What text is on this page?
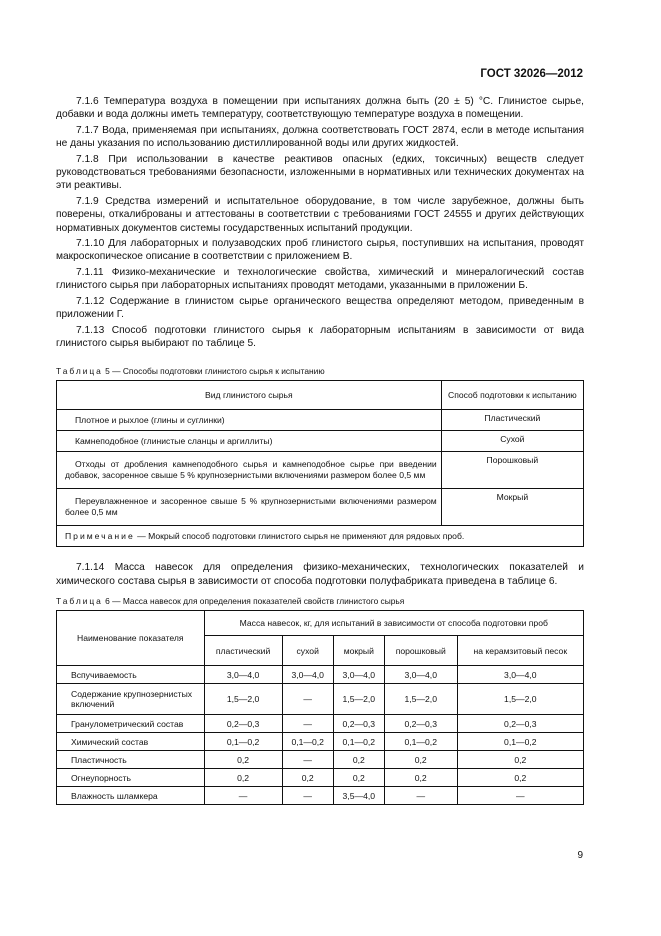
ГОСТ 32026—2012

7.1.6 Температура воздуха в помещении при испытаниях должна быть (20 ± 5) °С. Глинистое сырье, добавки и вода должны иметь температуру, соответствующую температуре воздуха в помещении.

7.1.7 Вода, применяемая при испытаниях, должна соответствовать ГОСТ 2874, если в методе испытания не даны указания по использованию дистиллированной воды или других жидкостей.

7.1.8 При использовании в качестве реактивов опасных (едких, токсичных) веществ следует руководствоваться требованиями безопасности, изложенными в нормативных или технических документах на эти реактивы.

7.1.9 Средства измерений и испытательное оборудование, в том числе зарубежное, должны быть поверены, откалиброваны и аттестованы в соответствии с требованиями ГОСТ 24555 и других действующих нормативных документов системы государственных испытаний продукции.

7.1.10 Для лабораторных и полузаводских проб глинистого сырья, поступивших на испытания, проводят макроскопическое описание в соответствии с приложением В.

7.1.11 Физико-механические и технологические свойства, химический и минералогический состав глинистого сырья при лабораторных испытаниях проводят методами, указанными в приложении Б.

7.1.12 Содержание в глинистом сырье органического вещества определяют методом, приведенным в приложении Г.

7.1.13 Способ подготовки глинистого сырья к лабораторным испытаниям в зависимости от вида глинистого сырья выбирают по таблице 5.

Таблица 5 — Способы подготовки глинистого сырья к испытанию
Вид глинистого сырья	Способ подготовки к испытанию
Плотное и рыхлое (глины и суглинки)	Пластический
Камнеподобное (глинистые сланцы и аргиллиты)	Сухой
Отходы от дробления камнеподобного сырья и камнеподобное сырье при введении добавок, засоренное свыше 5 % крупнозернистыми включениями размером более 0,5 мм	Порошковый
Переувлажненное и засоренное свыше 5 % крупнозернистыми включениями размером более 0,5 мм	Мокрый
Примечание — Мокрый способ подготовки глинистого сырья не применяют для рядовых проб.	

7.1.14 Масса навесок для определения физико-механических, технологических показателей и химического состава сырья в зависимости от способа подготовки полуфабриката приведена в таблице 6.

Таблица 6 — Масса навесок для определения показателей свойств глинистого сырья
Наименование показателя	Масса навесок, кг, для испытаний в зависимости от способа подготовки проб				
	пластический	сухой	мокрый	порошковый	на керамзитовый песок
Вспучиваемость	3,0—4,0	3,0—4,0	3,0—4,0	3,0—4,0	3,0—4,0
Содержание крупнозернистых включений	1,5—2,0	—	1,5—2,0	1,5—2,0	1,5—2,0
Гранулометрический состав	0,2—0,3	—	0,2—0,3	0,2—0,3	0,2—0,3
Химический состав	0,1—0,2	0,1—0,2	0,1—0,2	0,1—0,2	0,1—0,2
Пластичность	0,2	—	0,2	0,2	0,2
Огнеупорность	0,2	0,2	0,2	0,2	0,2
Влажность шламкера	—	—	3,5—4,0	—	—
9
